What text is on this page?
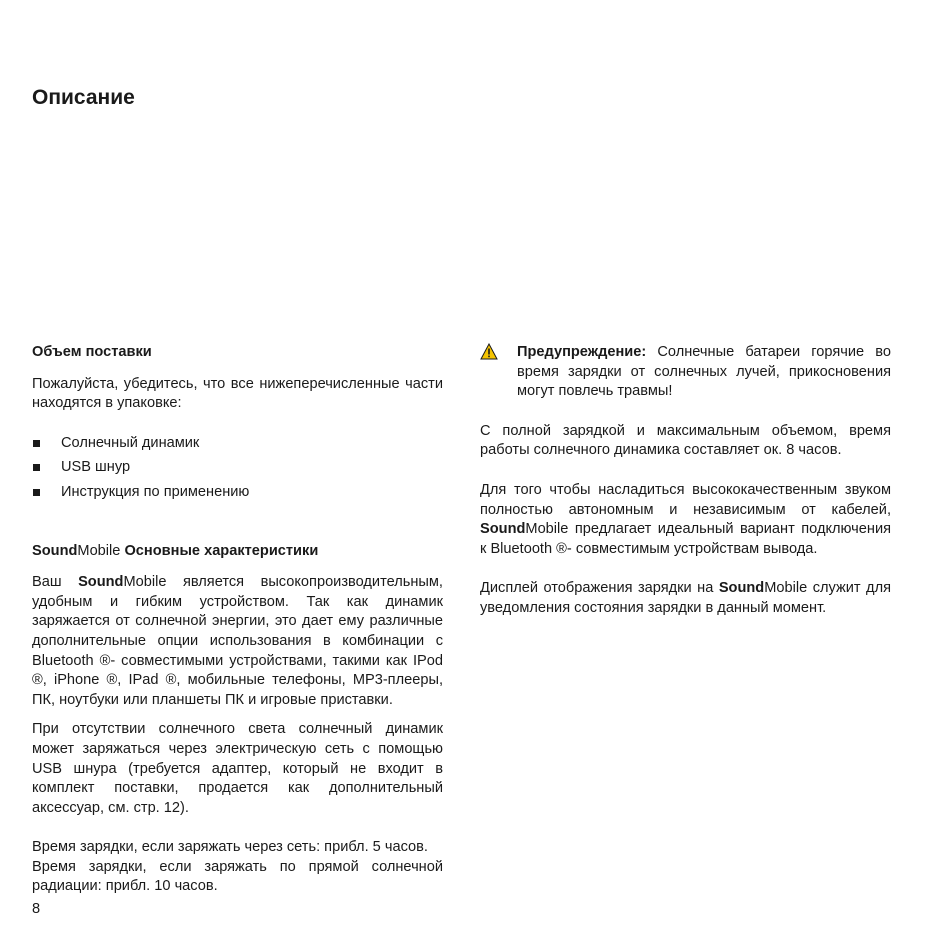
Описание
Объем поставки

Пожалуйста, убедитесь, что все нижеперечисленные части находятся в упаковке:

Солнечный динамик
USB шнур
Инструкция по применению
SoundMobile Основные характеристики

Ваш SoundMobile является высокопроизводительным, удобным и гибким устройством. Так как динамик заряжается от солнечной энергии, это дает ему различные дополнительные опции использования в комбинации с Bluetooth ®- совместимыми устройствами, такими как IPod ®, iPhone ®, IPad ®, мобильные телефоны, MP3-плееры, ПК, ноутбуки или планшеты ПК и игровые приставки.

При отсутствии солнечного света солнечный динамик может заряжаться через электрическую сеть с помощью USB шнура (требуется адаптер, который не входит в комплект поставки, продается как дополнительный аксессуар, см. стр. 12).

Время зарядки, если заряжать через сеть: прибл. 5 часов.

Время зарядки, если заряжать по прямой солнечной радиации: прибл. 10 часов.

Предупреждение: Солнечные батареи горячие во время зарядки от солнечных лучей, прикосновения могут повлечь травмы!

С полной зарядкой и максимальным объемом, время работы солнечного динамика составляет ок. 8 часов.

Для того чтобы насладиться высококачественным звуком полностью автономным и независимым от кабелей, SoundMobile предлагает идеальный вариант подключения к Bluetooth ®- совместимым устройствам вывода.

Дисплей отображения зарядки на SoundMobile служит для уведомления состояния зарядки в данный момент.

8
